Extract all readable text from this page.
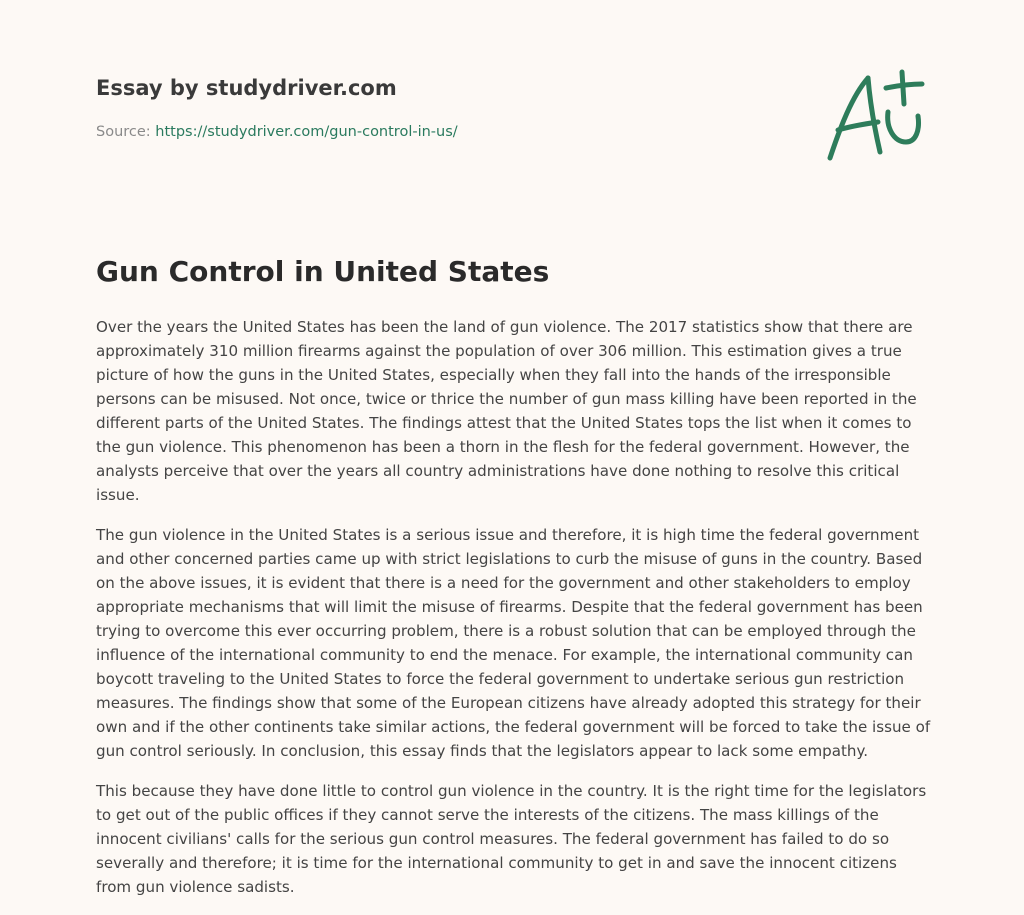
Essay by studydriver.com
Source: https://studydriver.com/gun-control-in-us/
Gun Control in United States

Over the years the United States has been the land of gun violence. The 2017 statistics show that there are approximately 310 million firearms against the population of over 306 million. This estimation gives a true picture of how the guns in the United States, especially when they fall into the hands of the irresponsible persons can be misused. Not once, twice or thrice the number of gun mass killing have been reported in the different parts of the United States. The findings attest that the United States tops the list when it comes to the gun violence. This phenomenon has been a thorn in the flesh for the federal government. However, the analysts perceive that over the years all country administrations have done nothing to resolve this critical issue.

The gun violence in the United States is a serious issue and therefore, it is high time the federal government and other concerned parties came up with strict legislations to curb the misuse of guns in the country. Based on the above issues, it is evident that there is a need for the government and other stakeholders to employ appropriate mechanisms that will limit the misuse of firearms. Despite that the federal government has been trying to overcome this ever occurring problem, there is a robust solution that can be employed through the influence of the international community to end the menace. For example, the international community can boycott traveling to the United States to force the federal government to undertake serious gun restriction measures. The findings show that some of the European citizens have already adopted this strategy for their own and if the other continents take similar actions, the federal government will be forced to take the issue of gun control seriously. In conclusion, this essay finds that the legislators appear to lack some empathy.

This because they have done little to control gun violence in the country. It is the right time for the legislators to get out of the public offices if they cannot serve the interests of the citizens. The mass killings of the innocent civilians' calls for the serious gun control measures. The federal government has failed to do so severally and therefore; it is time for the international community to get in and save the innocent citizens from gun violence sadists.
